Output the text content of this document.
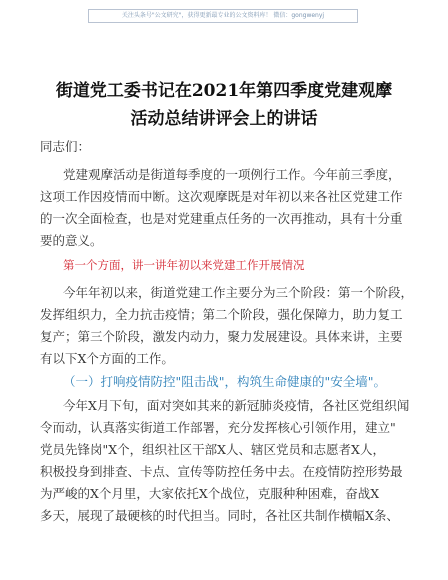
关注头条号"公文研究"，获得更新最专业的公文资料库！ 微信：gongwenyj
街道党工委书记在2021年第四季度党建观摩
活动总结讲评会上的讲话
同志们：
党建观摩活动是街道每季度的一项例行工作。今年前三季度，
这项工作因疫情而中断。这次观摩既是对年初以来各社区党建工作
的一次全面检查，也是对党建重点任务的一次再推动，具有十分重
要的意义。
第一个方面，讲一讲年初以来党建工作开展情况
今年年初以来，街道党建工作主要分为三个阶段：第一个阶段，
发挥组织力，全力抗击疫情；第二个阶段，强化保障力，助力复工
复产；第三个阶段，激发内动力，聚力发展建设。具体来讲，主要
有以下X个方面的工作。
（一）打响疫情防控"阻击战"，构筑生命健康的"安全墙"。
今年X月下旬，面对突如其来的新冠肺炎疫情，各社区党组织闻
令而动，认真落实街道工作部署，充分发挥核心引领作用，建立"
党员先锋岗"X个，组织社区干部X人、辖区党员和志愿者X人，
积极投身到排查、卡点、宣传等防控任务中去。在疫情防控形势最
为严峻的X个月里，大家依托X个战位，克服种种困难，奋战X
多天，展现了最硬核的时代担当。同时，各社区共制作横幅X条、
